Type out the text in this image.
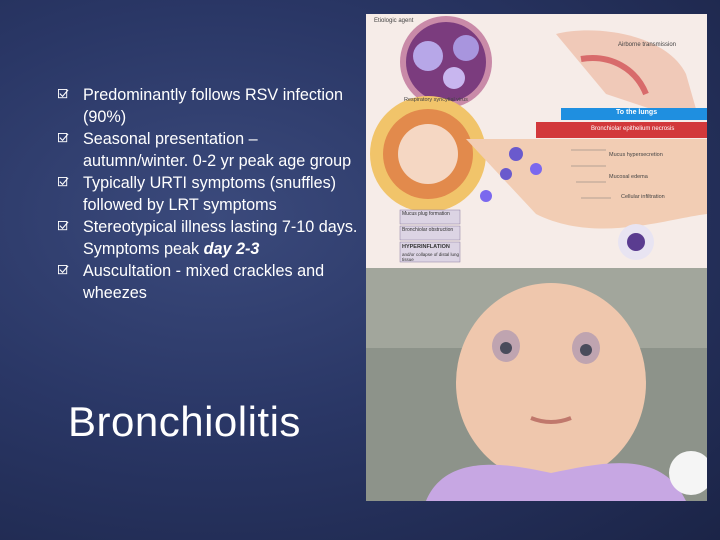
Predominantly follows RSV infection (90%)

Seasonal presentation – autumn/winter. 0-2 yr peak age group

Typically URTI symptoms (snuffles) followed by LRT symptoms

Stereotypical illness lasting 7-10 days. Symptoms peak day 2-3

Auscultation - mixed crackles and wheezes

Bronchiolitis
Etiologic agent
Airborne transmission
Respiratory syncytial virus
To the lungs
Bronchiolar epithelium necrosis
Mucus hypersecretion
Mucosal edema
Cellular infiltration
Mucus plug formation
Bronchiolar obstruction
HYPERINFLATION
and/or collapse of distal lung tissue
